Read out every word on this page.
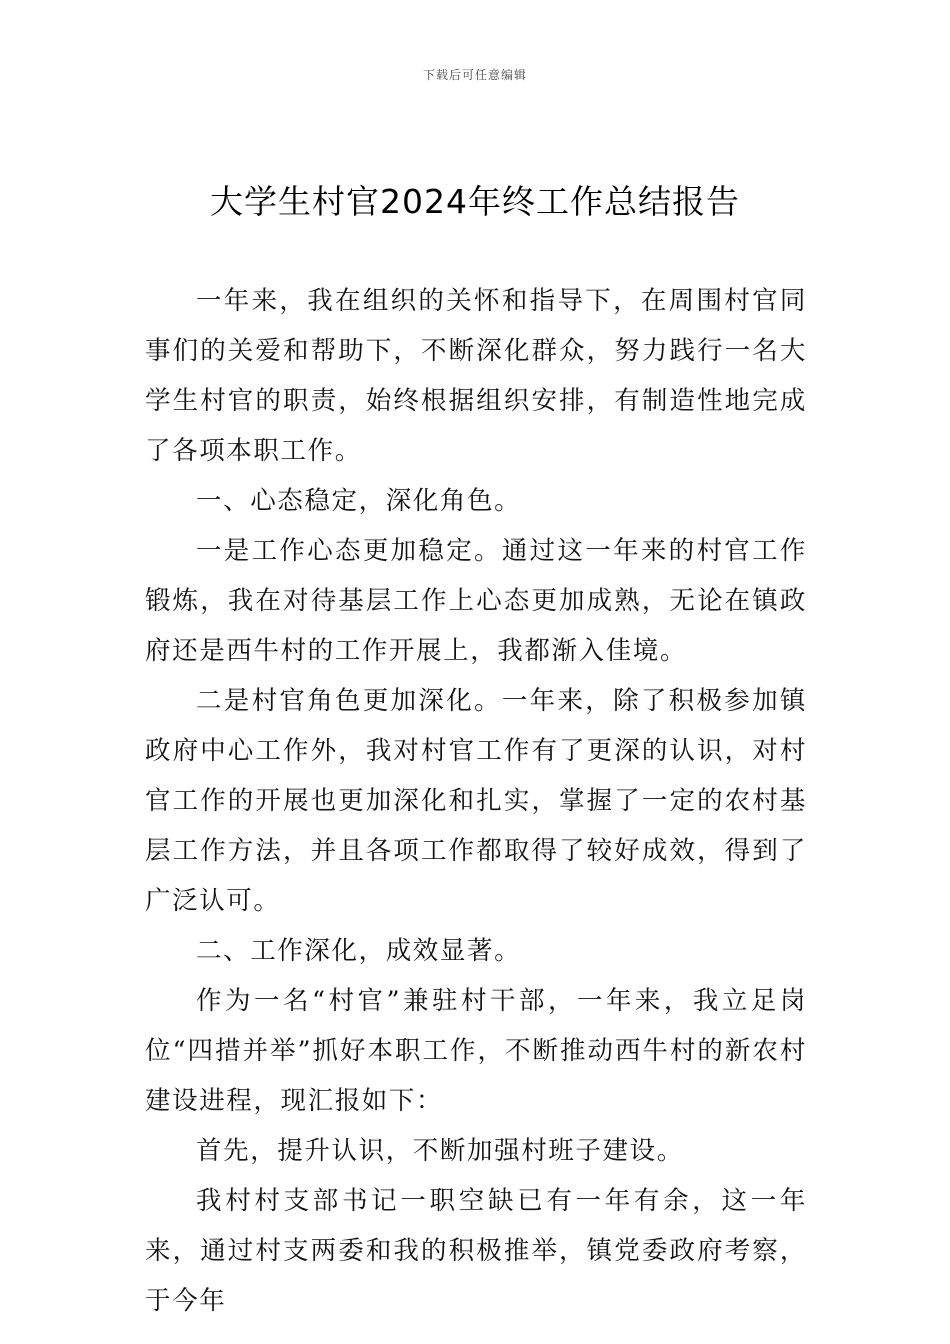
下载后可任意编辑
大学生村官2024年终工作总结报告

一年来，我在组织的关怀和指导下，在周围村官同事们的关爱和帮助下，不断深化群众，努力践行一名大学生村官的职责，始终根据组织安排，有制造性地完成了各项本职工作。

一、心态稳定，深化角色。

一是工作心态更加稳定。通过这一年来的村官工作锻炼，我在对待基层工作上心态更加成熟，无论在镇政府还是西牛村的工作开展上，我都渐入佳境。

二是村官角色更加深化。一年来，除了积极参加镇政府中心工作外，我对村官工作有了更深的认识，对村官工作的开展也更加深化和扎实，掌握了一定的农村基层工作方法，并且各项工作都取得了较好成效，得到了广泛认可。

二、工作深化，成效显著。

作为一名“村官”兼驻村干部，一年来，我立足岗位“四措并举”抓好本职工作，不断推动西牛村的新农村建设进程，现汇报如下：

首先，提升认识，不断加强村班子建设。

我村村支部书记一职空缺已有一年有余，这一年来，通过村支两委和我的积极推举，镇党委政府考察，于今年
